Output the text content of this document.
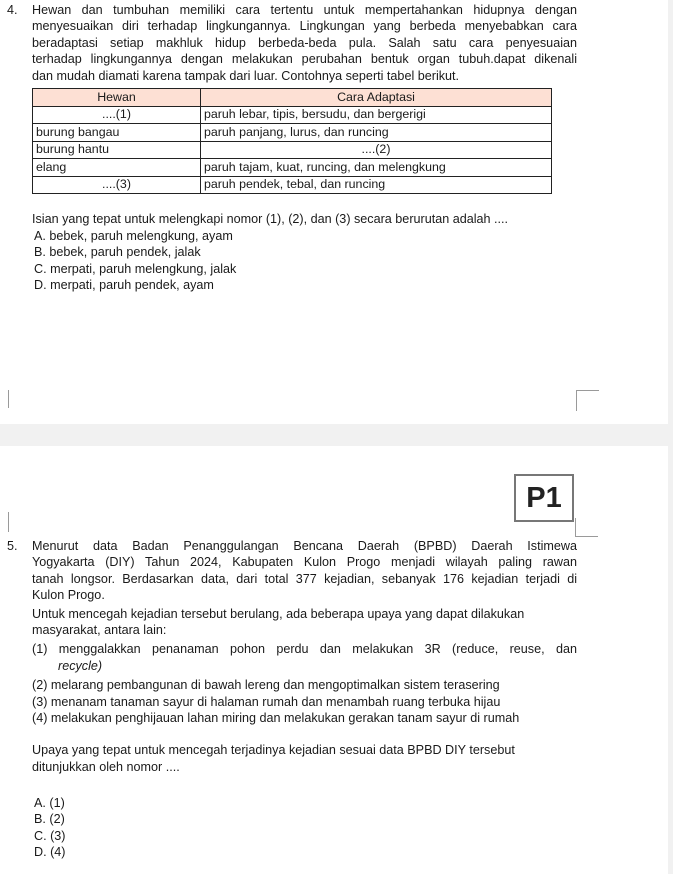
4. Hewan dan tumbuhan memiliki cara tertentu untuk mempertahankan hidupnya dengan
menyesuaikan diri terhadap lingkungannya. Lingkungan yang berbeda menyebabkan cara
beradaptasi setiap makhluk hidup berbeda-beda pula. Salah satu cara penyesuaian
terhadap lingkungannya dengan melakukan perubahan bentuk organ tubuh.dapat dikenali
dan mudah diamati karena tampak dari luar. Contohnya seperti tabel berikut.
Hewan	Cara Adaptasi
....(1)	paruh lebar, tipis, bersudu, dan bergerigi
burung bangau	paruh panjang, lurus, dan runcing
burung hantu	....(2)
elang	paruh tajam, kuat, runcing, dan melengkung
....(3)	paruh pendek, tebal, dan runcing
Isian yang tepat untuk melengkapi nomor (1), (2), dan (3) secara berurutan adalah ....
A. bebek, paruh melengkung, ayam
B. bebek, paruh pendek, jalak
C. merpati, paruh melengkung, jalak
D. merpati, paruh pendek, ayam
P1
5. Menurut data Badan Penanggulangan Bencana Daerah (BPBD) Daerah Istimewa
Yogyakarta (DIY) Tahun 2024, Kabupaten Kulon Progo menjadi wilayah paling rawan
tanah longsor. Berdasarkan data, dari total 377 kejadian, sebanyak 176 kejadian terjadi di
Kulon Progo.
Untuk mencegah kejadian tersebut berulang, ada beberapa upaya yang dapat dilakukan
masyarakat, antara lain:
(1) menggalakkan penanaman pohon perdu dan melakukan 3R (reduce, reuse, dan
recycle)
(2) melarang pembangunan di bawah lereng dan mengoptimalkan sistem terasering
(3) menanam tanaman sayur di halaman rumah dan menambah ruang terbuka hijau
(4) melakukan penghijauan lahan miring dan melakukan gerakan tanam sayur di rumah
Upaya yang tepat untuk mencegah terjadinya kejadian sesuai data BPBD DIY tersebut
ditunjukkan oleh nomor ....
A. (1)
B. (2)
C. (3)
D. (4)
